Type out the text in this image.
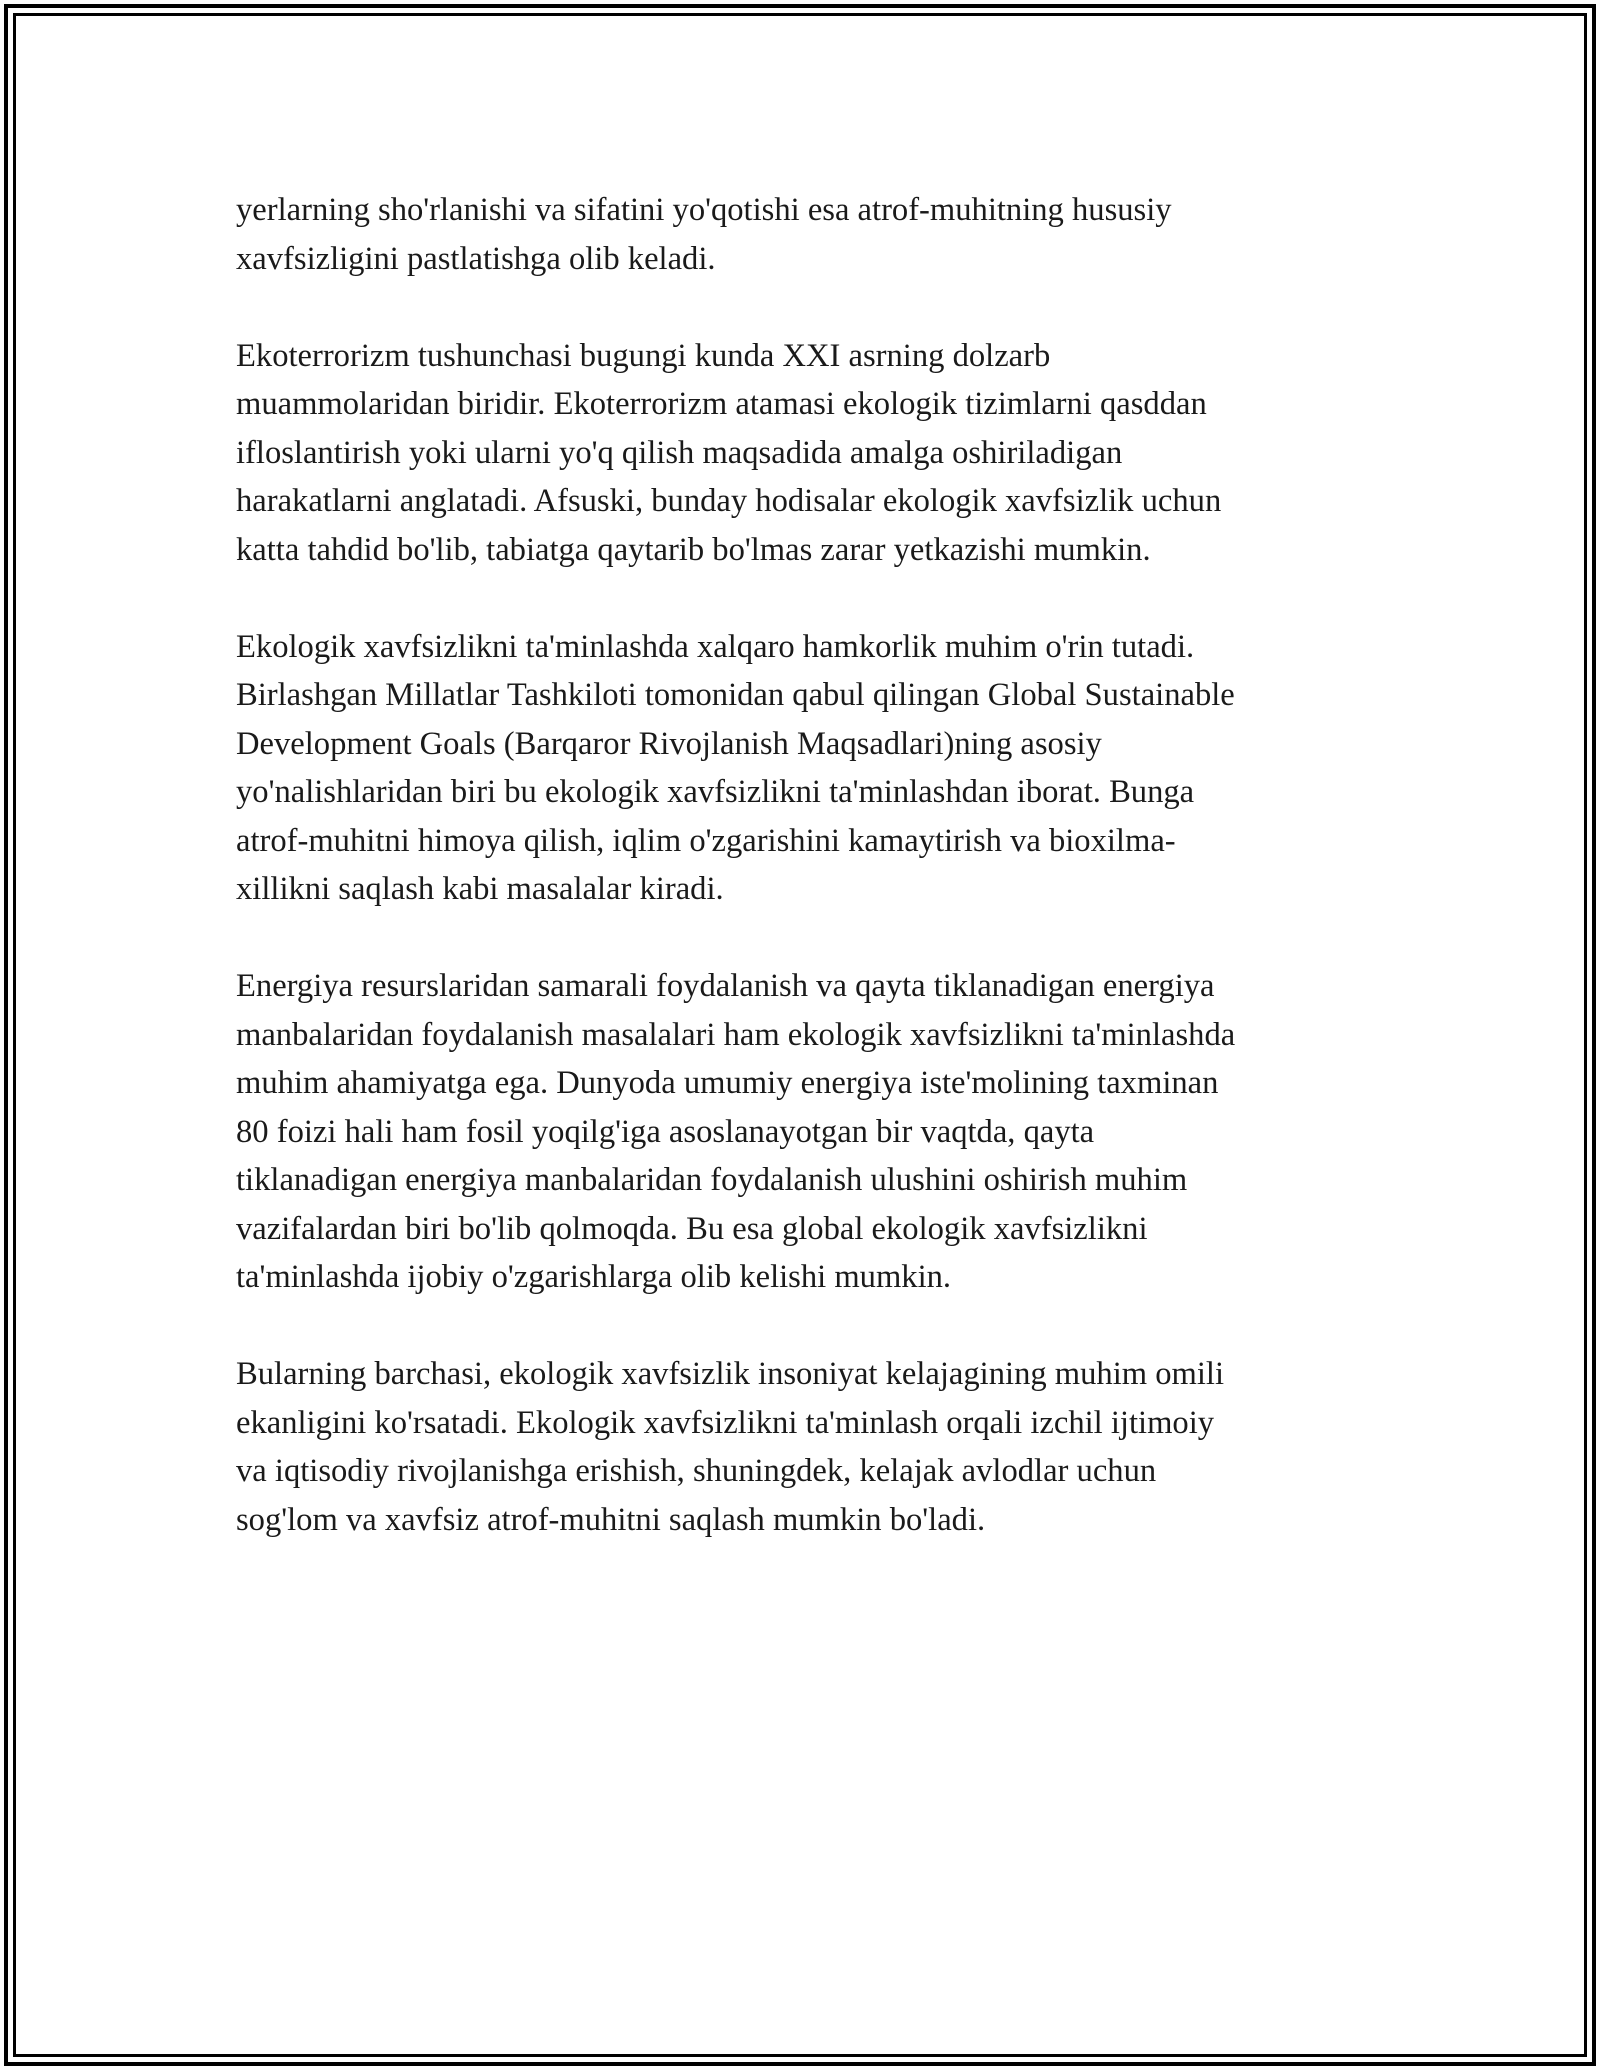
yerlarning sho'rlanishi va sifatini yo'qotishi esa atrof-muhitning hususiy
xavfsizligini pastlatishga olib keladi.

Ekoterrorizm tushunchasi bugungi kunda XXI asrning dolzarb
muammolaridan biridir. Ekoterrorizm atamasi ekologik tizimlarni qasddan
ifloslantirish yoki ularni yo'q qilish maqsadida amalga oshiriladigan
harakatlarni anglatadi. Afsuski, bunday hodisalar ekologik xavfsizlik uchun
katta tahdid bo'lib, tabiatga qaytarib bo'lmas zarar yetkazishi mumkin.

Ekologik xavfsizlikni ta'minlashda xalqaro hamkorlik muhim o'rin tutadi.
Birlashgan Millatlar Tashkiloti tomonidan qabul qilingan Global Sustainable
Development Goals (Barqaror Rivojlanish Maqsadlari)ning asosiy
yo'nalishlaridan biri bu ekologik xavfsizlikni ta'minlashdan iborat. Bunga
atrof-muhitni himoya qilish, iqlim o'zgarishini kamaytirish va bioxilma-
xillikni saqlash kabi masalalar kiradi.

Energiya resurslaridan samarali foydalanish va qayta tiklanadigan energiya
manbalaridan foydalanish masalalari ham ekologik xavfsizlikni ta'minlashda
muhim ahamiyatga ega. Dunyoda umumiy energiya iste'molining taxminan
80 foizi hali ham fosil yoqilg'iga asoslanayotgan bir vaqtda, qayta
tiklanadigan energiya manbalaridan foydalanish ulushini oshirish muhim
vazifalardan biri bo'lib qolmoqda. Bu esa global ekologik xavfsizlikni
ta'minlashda ijobiy o'zgarishlarga olib kelishi mumkin.

Bularning barchasi, ekologik xavfsizlik insoniyat kelajagining muhim omili
ekanligini ko'rsatadi. Ekologik xavfsizlikni ta'minlash orqali izchil ijtimoiy
va iqtisodiy rivojlanishga erishish, shuningdek, kelajak avlodlar uchun
sog'lom va xavfsiz atrof-muhitni saqlash mumkin bo'ladi.
